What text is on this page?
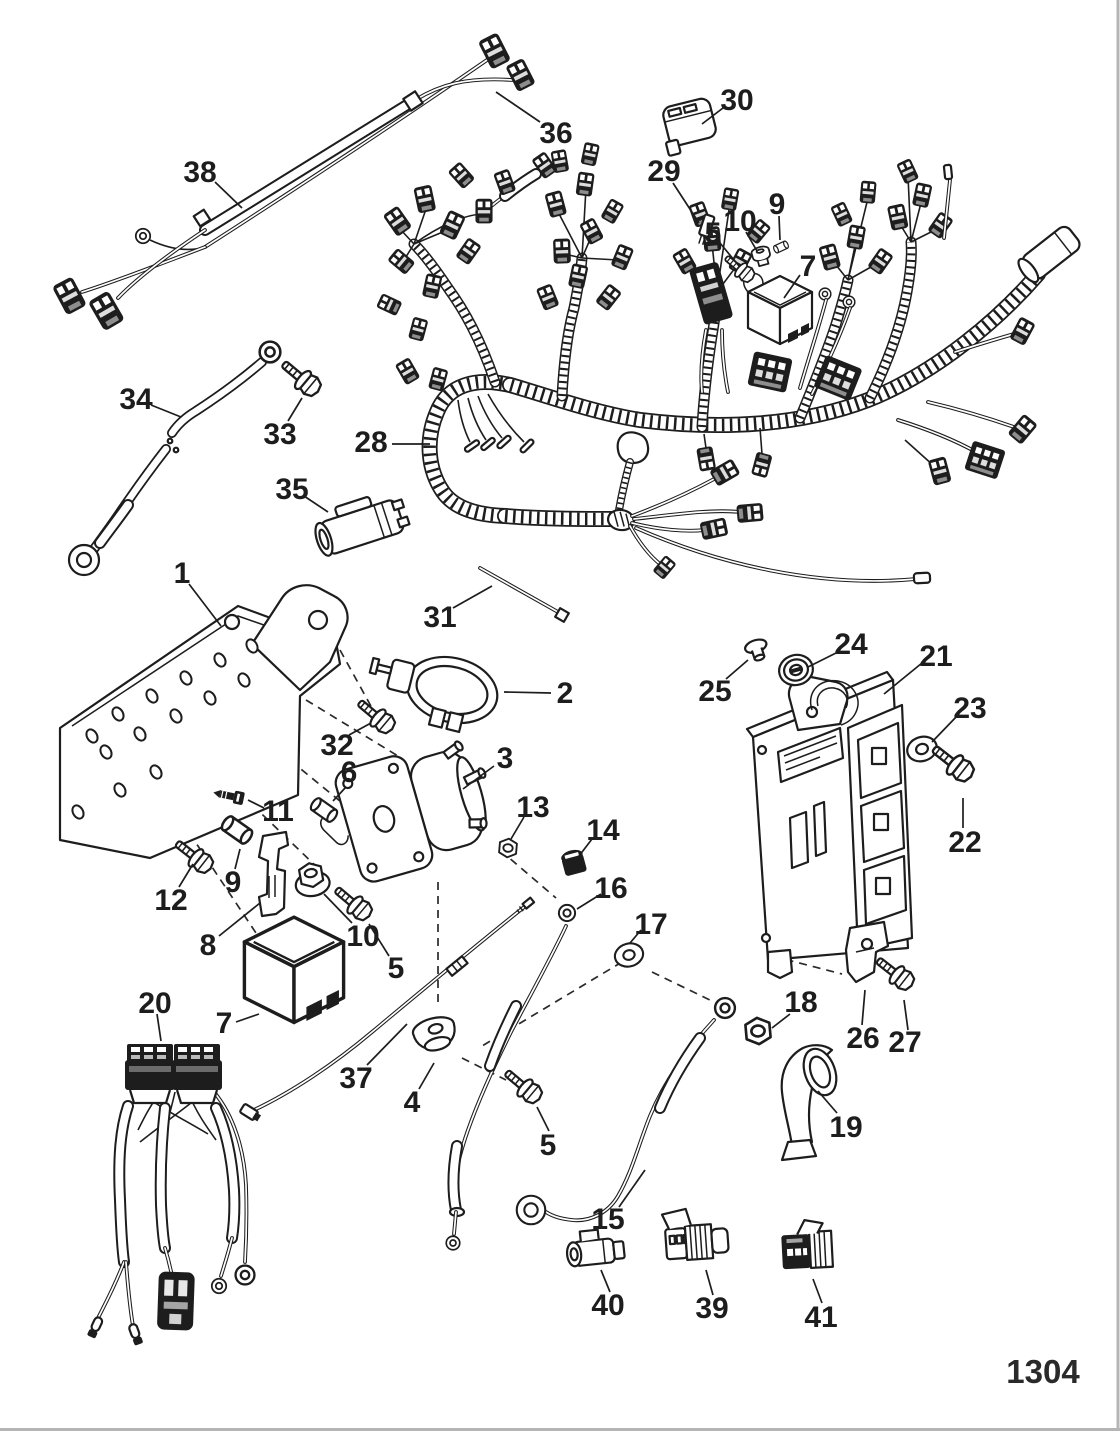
38
36
30
29
5 10
9
7
34
33 28
35
1
31
2
32
6	3
11	13
14
9
12
8	10
5
16
17
25
24 21
23
22
20
7
37
4
5
18
26 27
19
15
40 39	41
1304
